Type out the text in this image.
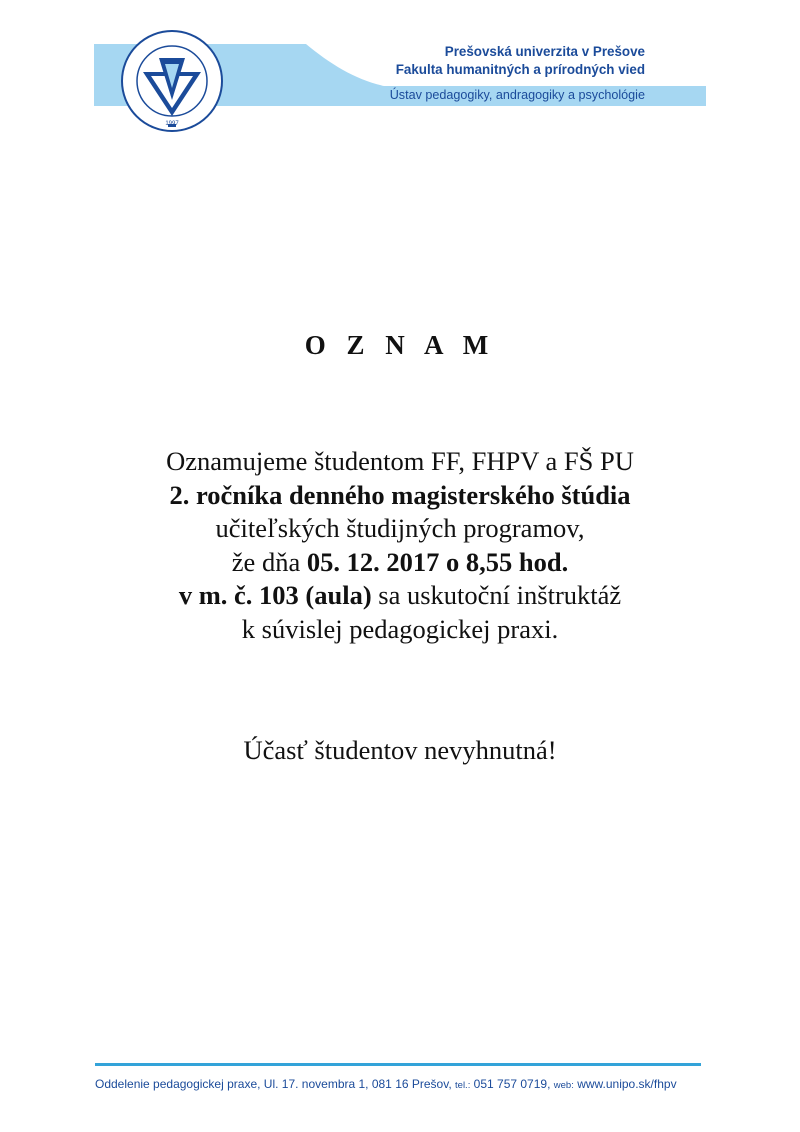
1997
Prešovská univerzita v Prešove
Fakulta humanitných a prírodných vied
Ústav pedagogiky, andragogiky a psychológie
O Z N A M
Oznamujeme študentom FF, FHPV a FŠ PU
2. ročníka denného magisterského štúdia
učiteľských študijných programov,
že dňa 05. 12. 2017 o 8,55 hod.
v m. č. 103 (aula) sa uskutoční inštruktáž
k súvislej pedagogickej praxi.
Účasť študentov nevyhnutná!
Oddelenie pedagogickej praxe, Ul. 17. novembra 1, 081 16 Prešov, tel.: 051 757 0719, web: www.unipo.sk/fhpv
